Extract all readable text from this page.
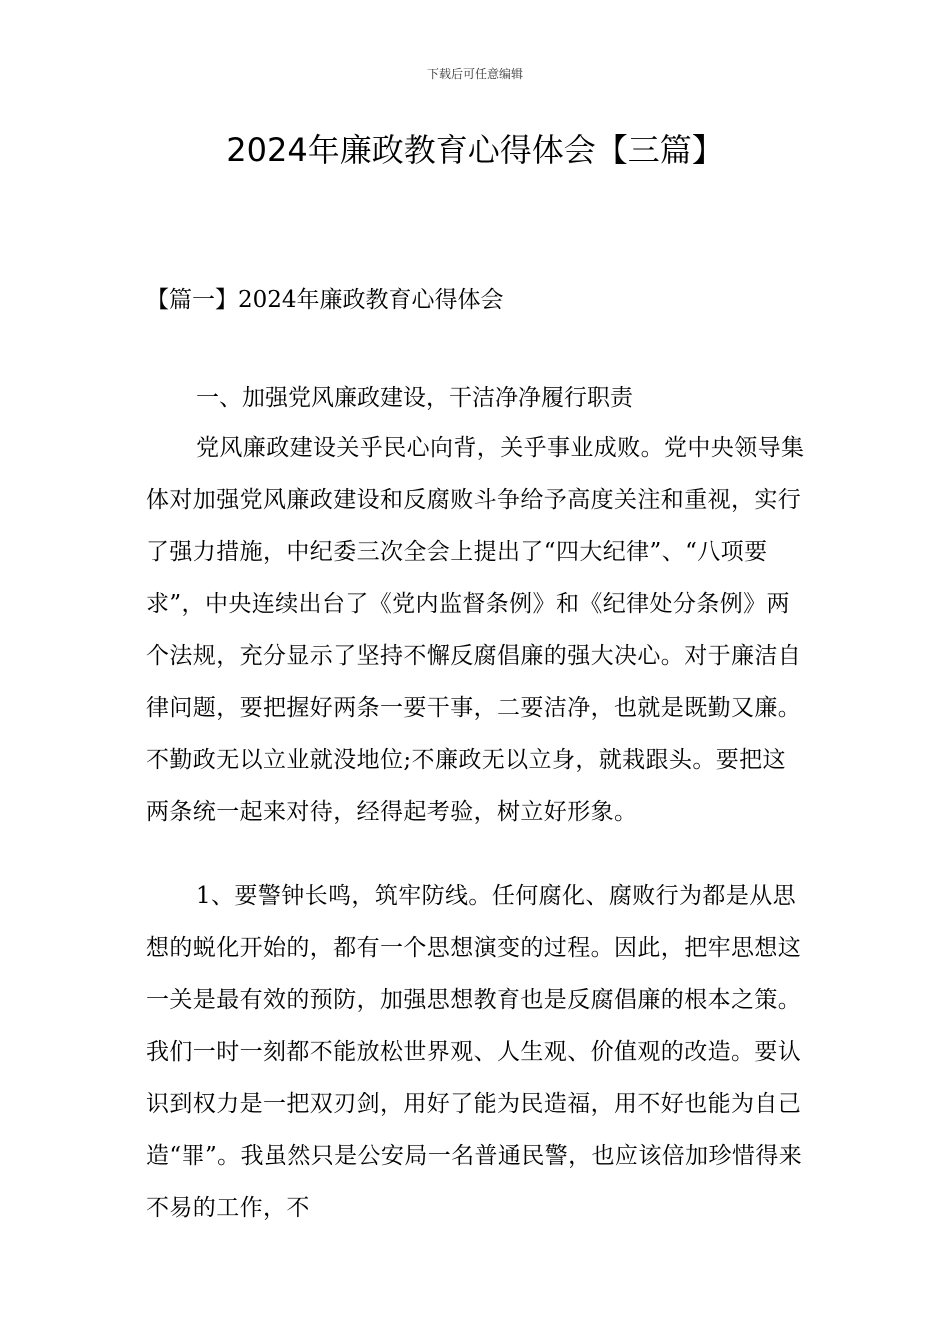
下载后可任意编辑
2024年廉政教育心得体会【三篇】
【篇一】2024年廉政教育心得体会
一、加强党风廉政建设，干洁净净履行职责

党风廉政建设关乎民心向背，关乎事业成败。党中央领导集体对加强党风廉政建设和反腐败斗争给予高度关注和重视，实行了强力措施，中纪委三次全会上提出了“四大纪律”、“八项要求”，中央连续出台了《党内监督条例》和《纪律处分条例》两个法规，充分显示了坚持不懈反腐倡廉的强大决心。对于廉洁自律问题，要把握好两条一要干事，二要洁净，也就是既勤又廉。不勤政无以立业就没地位;不廉政无以立身，就栽跟头。要把这两条统一起来对待，经得起考验，树立好形象。

1、要警钟长鸣，筑牢防线。任何腐化、腐败行为都是从思想的蜕化开始的，都有一个思想演变的过程。因此，把牢思想这一关是最有效的预防，加强思想教育也是反腐倡廉的根本之策。我们一时一刻都不能放松世界观、人生观、价值观的改造。要认识到权力是一把双刃剑，用好了能为民造福，用不好也能为自己造“罪”。我虽然只是公安局一名普通民警，也应该倍加珍惜得来不易的工作，不
